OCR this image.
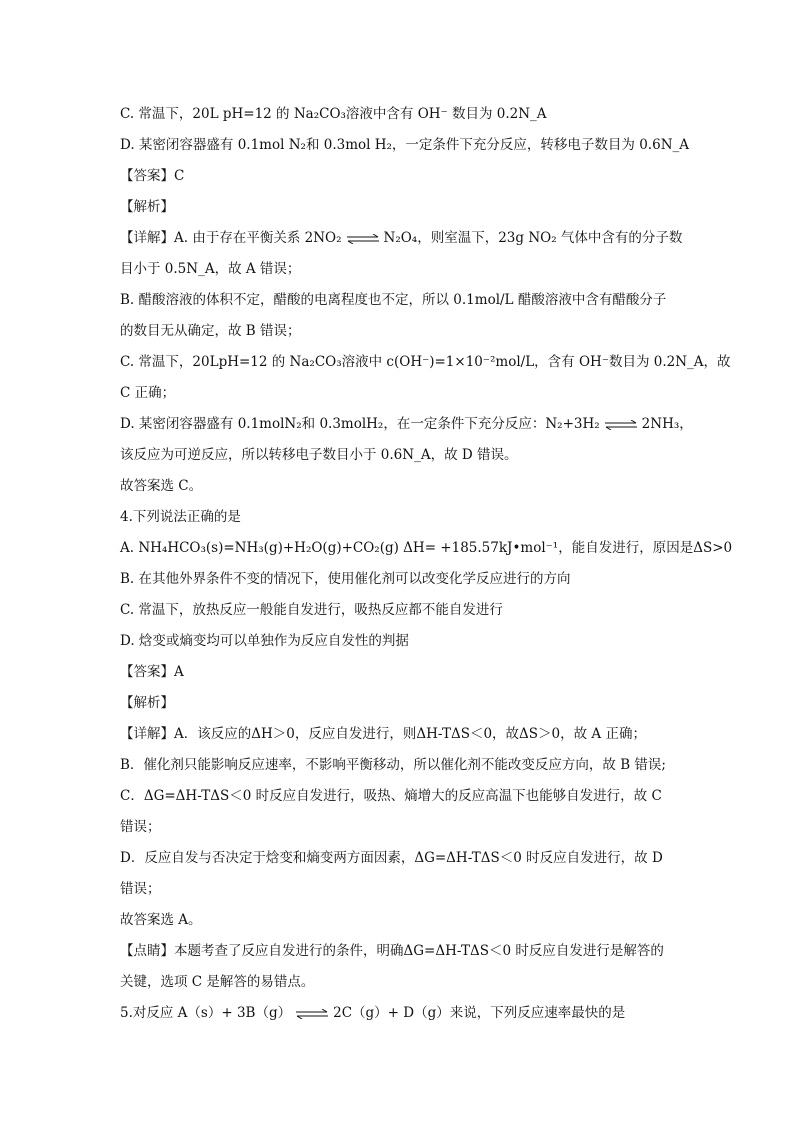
C. 常温下，20L pH=12 的 Na₂CO₃溶液中含有 OH⁻ 数目为 0.2N_A
D. 某密闭容器盛有 0.1mol N₂和 0.3mol H₂，一定条件下充分反应，转移电子数目为 0.6N_A
【答案】C
【解析】
【详解】A. 由于存在平衡关系 2NO₂ ⇌ N₂O₄，则室温下，23g NO₂ 气体中含有的分子数
目小于 0.5N_A，故 A 错误；
B. 醋酸溶液的体积不定，醋酸的电离程度也不定，所以 0.1mol/L 醋酸溶液中含有醋酸分子
的数目无从确定，故 B 错误；
C. 常温下，20LpH=12 的 Na₂CO₃溶液中 c(OH⁻)=1×10⁻²mol/L，含有 OH⁻数目为 0.2N_A，故
C 正确；
D. 某密闭容器盛有 0.1molN₂和 0.3molH₂，在一定条件下充分反应：N₂+3H₂ ⇌ 2NH₃，
该反应为可逆反应，所以转移电子数目小于 0.6N_A，故 D 错误。
故答案选 C。
4.下列说法正确的是
A. NH₄HCO₃(s)=NH₃(g)+H₂O(g)+CO₂(g) ΔH= +185.57kJ•mol⁻¹，能自发进行，原因是ΔS>0
B. 在其他外界条件不变的情况下，使用催化剂可以改变化学反应进行的方向
C. 常温下，放热反应一般能自发进行，吸热反应都不能自发进行
D. 焓变或熵变均可以单独作为反应自发性的判据
【答案】A
【解析】
【详解】A．该反应的ΔH＞0，反应自发进行，则ΔH-TΔS＜0，故ΔS＞0，故 A 正确；
B．催化剂只能影响反应速率，不影响平衡移动，所以催化剂不能改变反应方向，故 B 错误;
C．ΔG=ΔH-TΔS＜0 时反应自发进行，吸热、熵增大的反应高温下也能够自发进行，故 C
错误；
D．反应自发与否决定于焓变和熵变两方面因素，ΔG=ΔH-TΔS＜0 时反应自发进行，故 D
错误；
故答案选 A。
【点睛】本题考查了反应自发进行的条件，明确ΔG=ΔH-TΔS＜0 时反应自发进行是解答的
关键，选项 C 是解答的易错点。
5.对反应 A（s）+ 3B（g） ⇌ 2C（g）+ D（g）来说，下列反应速率最快的是
